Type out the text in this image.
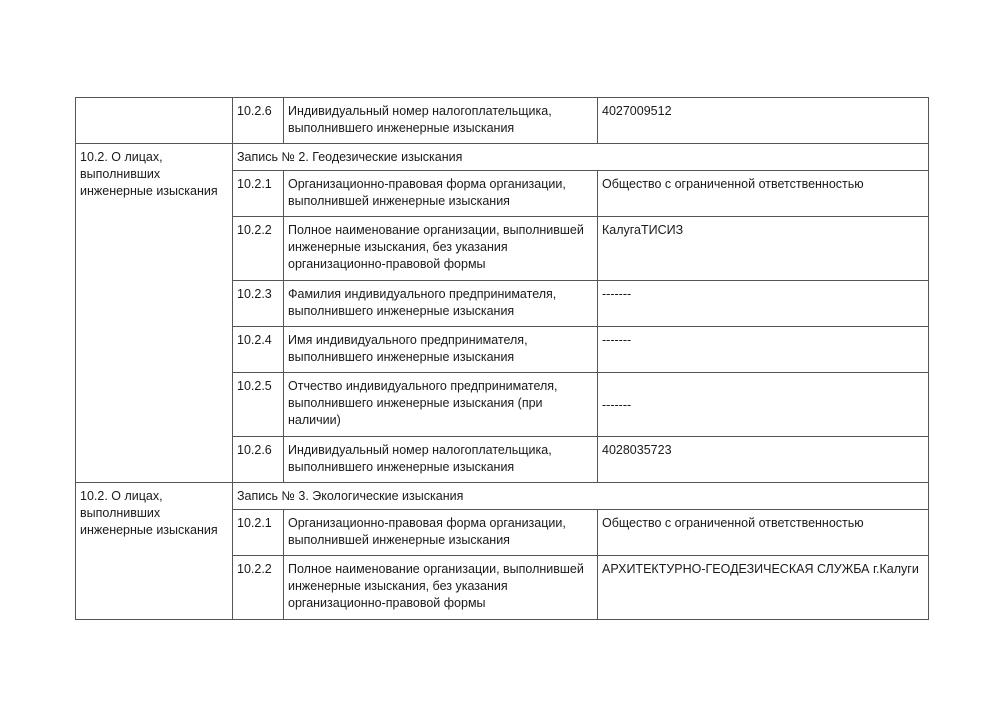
	10.2.6	Индивидуальный номер налогоплательщика, выполнившего инженерные изыскания	4027009512
10.2. О лицах, выполнивших инженерные изыскания	Запись № 2. Геодезические изыскания		
	10.2.1	Организационно-правовая форма организации, выполнившей инженерные изыскания	Общество с ограниченной ответственностью
	10.2.2	Полное наименование организации, выполнившей инженерные изыскания, без указания организационно-правовой формы	КалугаТИСИЗ
	10.2.3	Фамилия индивидуального предпринимателя, выполнившего инженерные изыскания	-------
	10.2.4	Имя индивидуального предпринимателя, выполнившего инженерные изыскания	-------
	10.2.5	Отчество индивидуального предпринимателя, выполнившего инженерные изыскания (при наличии)	-------
	10.2.6	Индивидуальный номер налогоплательщика, выполнившего инженерные изыскания	4028035723
10.2. О лицах, выполнивших инженерные изыскания	Запись № 3. Экологические изыскания		
	10.2.1	Организационно-правовая форма организации, выполнившей инженерные изыскания	Общество с ограниченной ответственностью
	10.2.2	Полное наименование организации, выполнившей инженерные изыскания, без указания организационно-правовой формы	АРХИТЕКТУРНО-ГЕОДЕЗИЧЕСКАЯ СЛУЖБА г.Калуги
